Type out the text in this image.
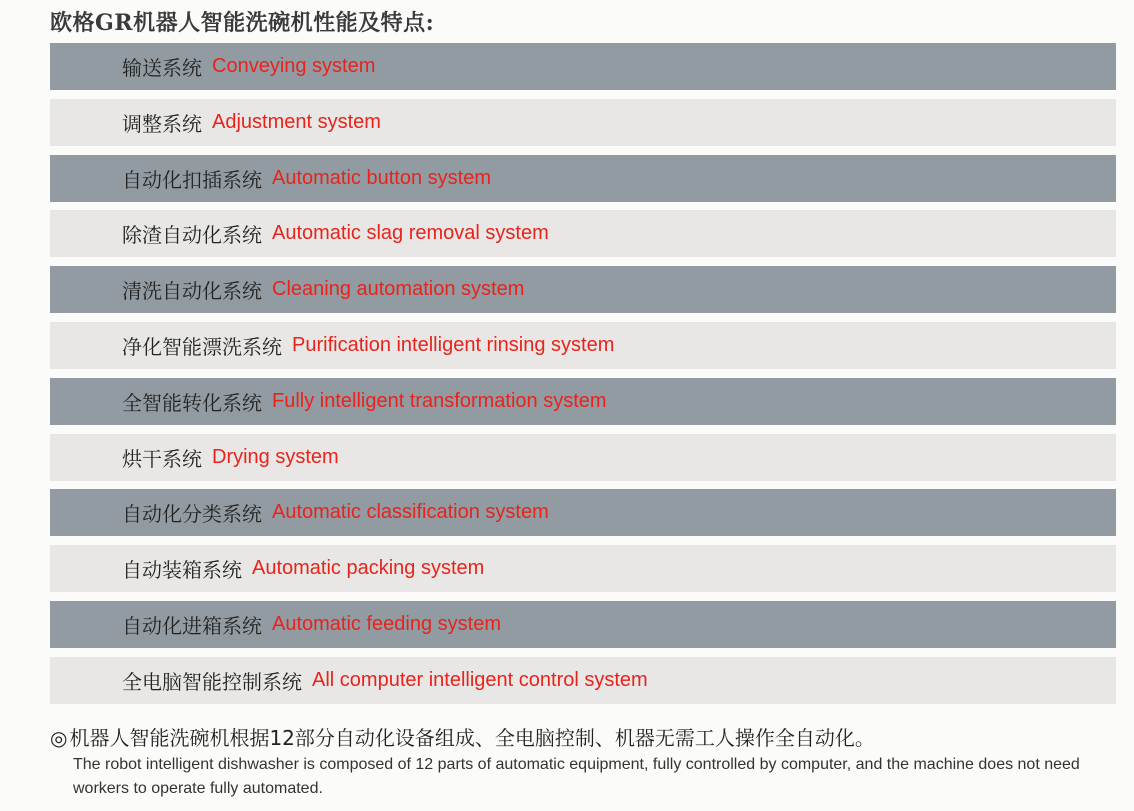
欧格GR机器人智能洗碗机性能及特点:
输送系统 Conveying system
调整系统 Adjustment system
自动化扣插系统 Automatic button system
除渣自动化系统 Automatic slag removal system
清洗自动化系统 Cleaning automation system
净化智能漂洗系统 Purification intelligent rinsing system
全智能转化系统 Fully intelligent transformation system
烘干系统 Drying system
自动化分类系统 Automatic classification system
自动装箱系统 Automatic packing system
自动化进箱系统 Automatic feeding system
全电脑智能控制系统 All computer intelligent control system
◎ 机器人智能洗碗机根据12部分自动化设备组成、全电脑控制、机器无需工人操作全自动化。
The robot intelligent dishwasher is composed of 12 parts of automatic equipment, fully controlled by computer, and the machine does not need workers to operate fully automated.
